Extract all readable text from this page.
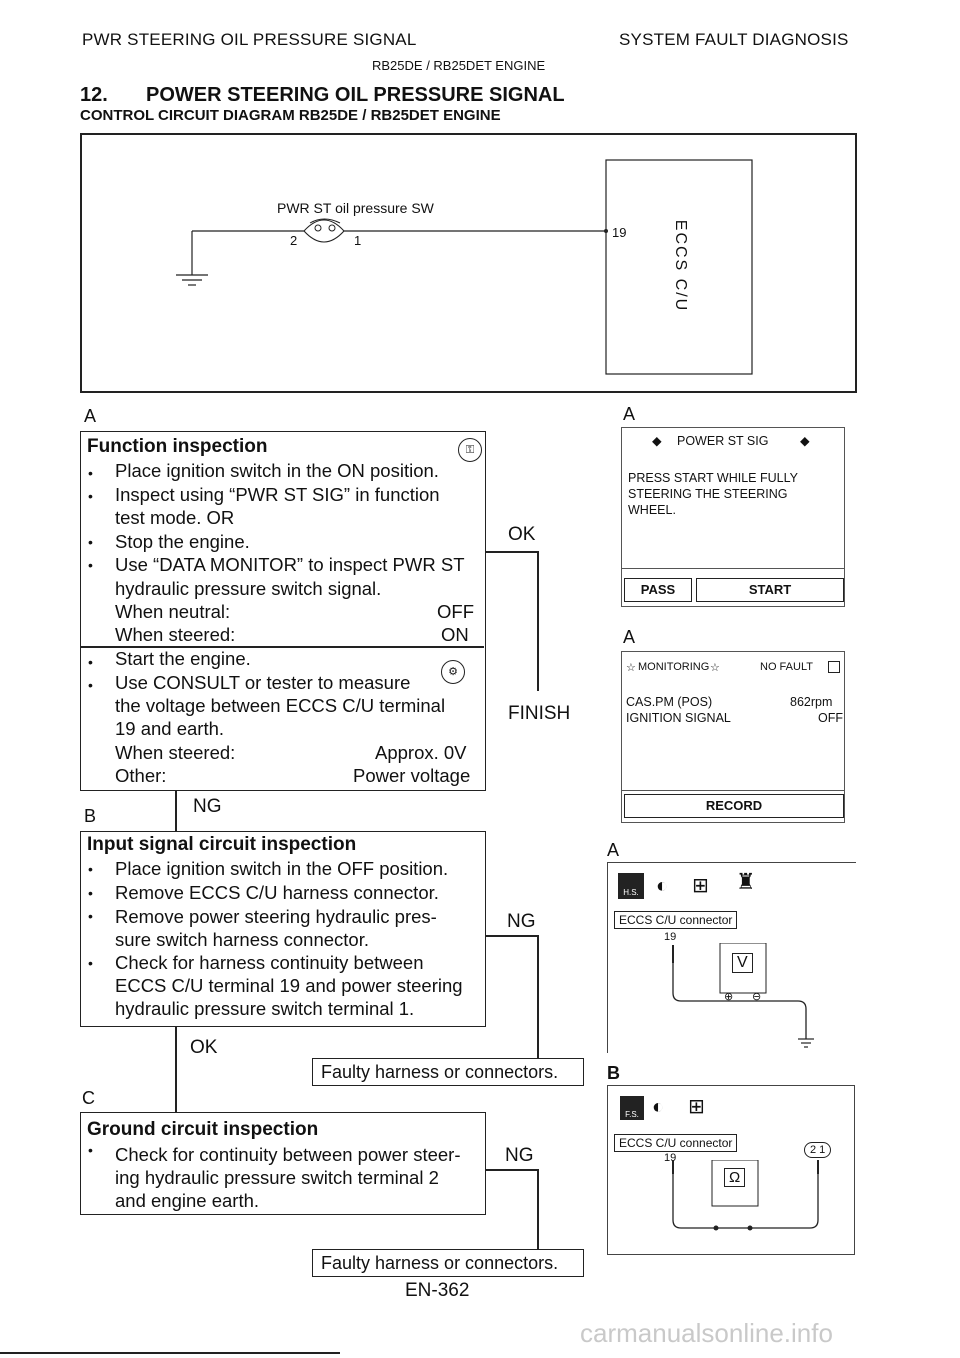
PWR STEERING OIL PRESSURE SIGNAL	SYSTEM FAULT DIAGNOSIS
RB25DE / RB25DET ENGINE
12. POWER STEERING OIL PRESSURE SIGNAL
CONTROL CIRCUIT DIAGRAM RB25DE / RB25DET ENGINE
PWR ST oil pressure SW
2	1
19	ECCS C/U
A
Function inspection	⚿
Place ignition switch in the ON position.
Inspect using “PWR ST SIG” in function
test mode. OR
Stop the engine.
Use “DATA MONITOR” to inspect PWR ST
hydraulic pressure switch signal.
When neutral:	OFF
When steered:	ON
Start the engine.
Use CONSULT or tester to measure
the voltage between ECCS C/U terminal
19 and earth.
⚙
When steered:	Approx. 0V
Other:	Power voltage
•
•

•
•
•
•
OK
FINISH
B	NG
Input signal circuit inspection
Place ignition switch in the OFF position.
Remove ECCS C/U harness connector.
Remove power steering hydraulic pres-
sure switch harness connector.
Check for harness continuity between
ECCS C/U terminal 19 and power steering
hydraulic pressure switch terminal 1.
•
•
•

•
NG
Faulty harness or connectors.
OK
C
Ground circuit inspection
Check for continuity between power steer-
ing hydraulic pressure switch terminal 2
and engine earth.
•	NG
Faulty harness or connectors.
EN-362
A
◆ POWER ST SIG	◆
PRESS START WHILE FULLY
STEERING THE STEERING
WHEEL.
PASS	START
A
☆ MONITORING ☆	NO FAULT
CAS.PM (POS)	862rpm
IGNITION SIGNAL	OFF
RECORD
A
H.S. ◐ ⊞ ♜
ECCS C/U connector
19
V
⊕ ⊖
B
F.S. ◐ ⊞
ECCS C/U connector
19
2 1
Ω
carmanualsonline.info
